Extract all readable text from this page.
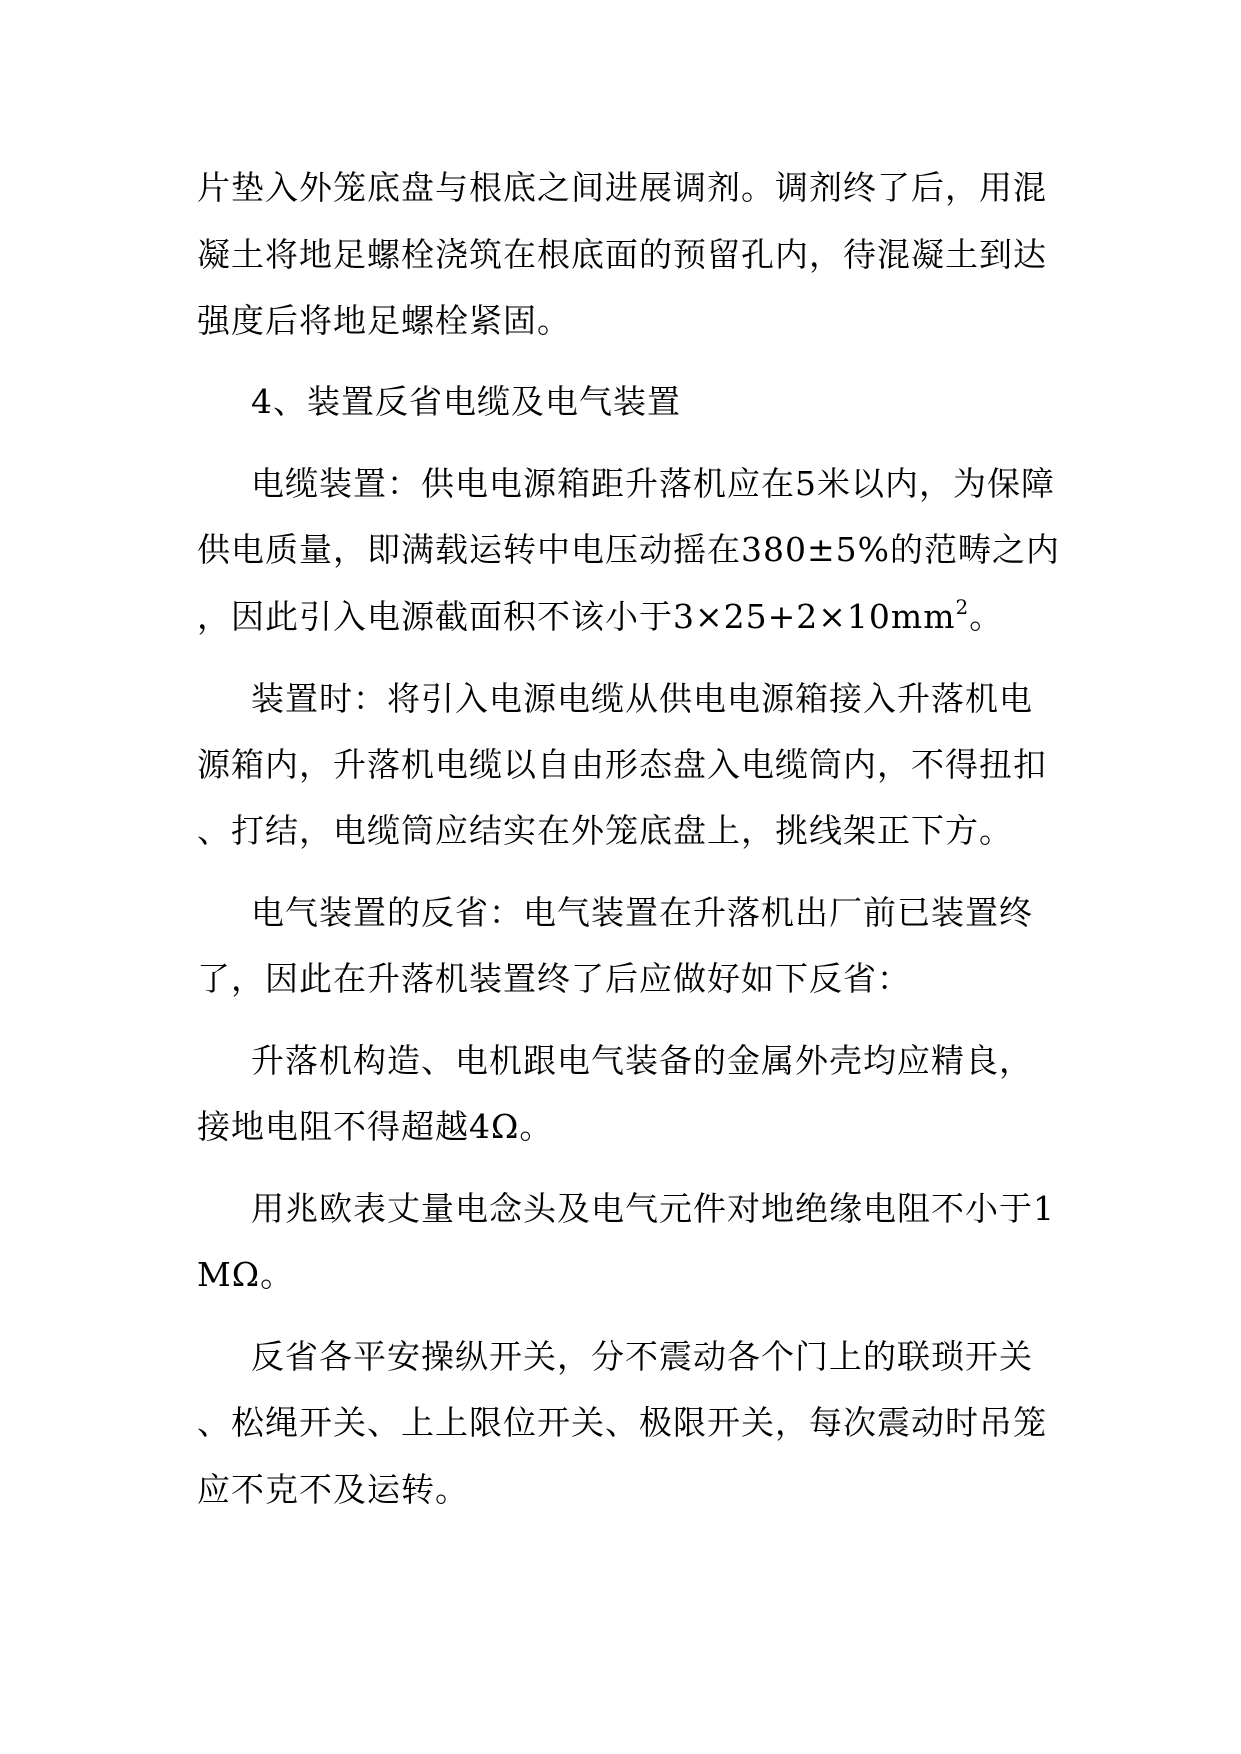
片垫入外笼底盘与根底之间进展调剂。调剂终了后，用混
凝土将地足螺栓浇筑在根底面的预留孔内，待混凝土到达
强度后将地足螺栓紧固。
4、装置反省电缆及电气装置
电缆装置：供电电源箱距升落机应在5米以内，为保障
供电质量，即满载运转中电压动摇在380±5%的范畴之内
，因此引入电源截面积不该小于$3\times 25+2\times 10mm^2$。
装置时：将引入电源电缆从供电电源箱接入升落机电
源箱内，升落机电缆以自由形态盘入电缆筒内，不得扭扣
、打结，电缆筒应结实在外笼底盘上，挑线架正下方。
电气装置的反省：电气装置在升落机出厂前已装置终
了，因此在升落机装置终了后应做好如下反省：
升落机构造、电机跟电气装备的金属外壳均应精良，
接地电阻不得超越4Ω。
用兆欧表丈量电念头及电气元件对地绝缘电阻不小于1
MΩ。
反省各平安操纵开关，分不震动各个门上的联琐开关
、松绳开关、上上限位开关、极限开关，每次震动时吊笼
应不克不及运转。
